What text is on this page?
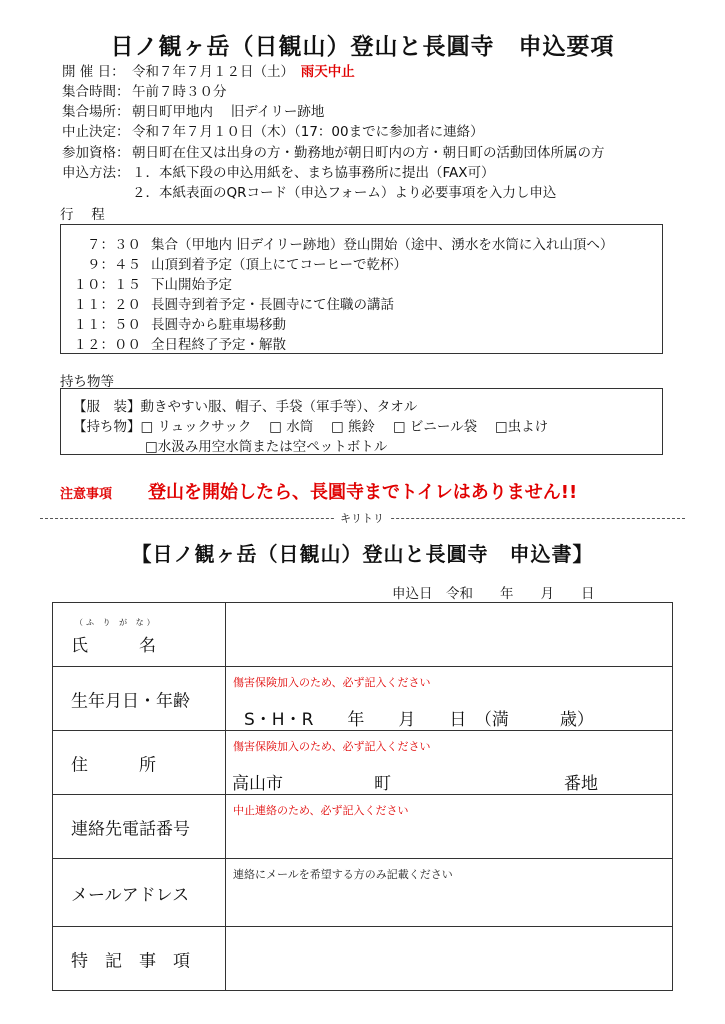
日ノ観ヶ岳（日観山）登山と長圓寺　申込要項
開 催 日： 令和７年７月１２日（土）　 雨天中止
集合時間： 午前７時３０分
集合場所： 朝日町甲地内　 旧デイリー跡地
中止決定： 令和７年７月１０日（木）（17：00までに参加者に連絡）
参加資格： 朝日町在住又は出身の方・勤務地が朝日町内の方・朝日町の活動団体所属の方
申込方法： １．本紙下段の申込用紙を、まち協事務所に提出（FAX可）
２．本紙表面のQRコード（申込フォーム）より必要事項を入力し申込
行　 程
７：３０ 集合（甲地内 旧デイリー跡地）登山開始（途中、湧水を水筒に入れ山頂へ）
９：４５ 山頂到着予定（頂上にてコーヒーで乾杯）
１０：１５ 下山開始予定
１１：２０ 長圓寺到着予定・長圓寺にて住職の講話
１１：５０ 長圓寺から駐車場移動
１２：００ 全日程終了予定・解散
持ち物等
【服　装】動きやすい服、帽子、手袋（軍手等）、タオル
【持ち物】□ リュックサック　 □ 水筒　 □ 熊鈴　 □ ビニール袋　 □虫よけ
□水汲み用空水筒または空ペットボトル
注意事項 登山を開始したら、長圓寺までトイレはありません!!
キリトリ
【日ノ観ヶ岳（日観山）登山と長圓寺　申込書】
申込日　令和　　年　　月　　日
（ふ り が な）
氏　　　名	

生年月日・年齢	傷害保険加入のため、必ず記入ください
S・H・R　　年　　月　　日　（満　　　歳）

住　　　所	傷害保険加入のため、必ず記入ください
高山市 町 番地

連絡先電話番号	中止連絡のため、必ず記入ください

メールアドレス	連絡にメールを希望する方のみ記載ください

特　記　事　項	
